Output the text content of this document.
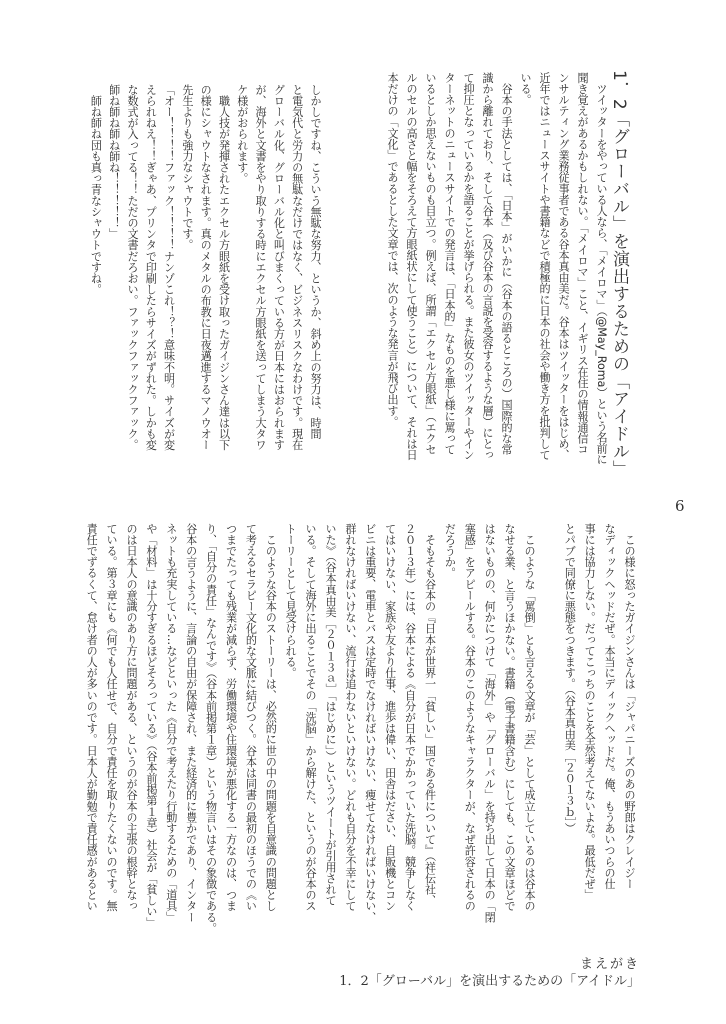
1．2「グローバル」を演出するための「アイドル」
　ツイッターをやっている人なら、「メイロマ」（@May_Roma）という名前に
聞き覚えがあるかもしれない。「メイロマ」こと、イギリス在住の情報通信コ
ンサルティング業務従事者である谷本真由美だ。谷本はツイッターをはじめ、
近年ではニュースサイトや書籍などで積極的に日本の社会や働き方を批判して
いる。
　谷本の手法としては、「日本」がいかに（谷本の語るところの）国際的な常
識から離れており、そして谷本（及び谷本の言説を受容するような層）にとっ
て抑圧となっているかを語ることが挙げられる。また彼女のツイッターやイン
ターネットのニュースサイトでの発言は、「日本的」なものを悪し様に罵って
いるとしか思えないものも目立つ。例えば、所謂「エクセル方眼紙」（エクセ
ルのセルの高さと幅をそろえて方眼紙状にして使うこと）について、それは日
本だけの「文化」であるとした文章では、次のような発言が飛び出す。
しかしですね、こういう無駄な努力、というか、斜め上の努力は、時間
と電気代と労力の無駄なだけではなく、ビジネスリスクなわけです。現在
グローバル化、グローバル化と叫びまくっている方が日本にはおられます
が、海外と文書をやり取りする時にエクセル方眼紙を送ってしまう大タワ
ケ様がおられます。
　職人技が発揮されたエクセル方眼紙を受け取ったガイジンさん達は以下
の様にシャウトなされます。真のメタルの布教に日夜邁進するマノウオー
先生よりも強力なシャウトです。
「オー！！！！ファック！！！！ナンゾこれ！？！意味不明。サイズが変
えられねえ！！ぎゃあ、プリンタで印刷したらサイズがずれた。しかも変
な数式が入ってる！！ただの文書だろおい。ファックファックファック。
師ね師ね師ね師ね！！！！！」
　師ね師ね団も真っ青なシャウトですね。
6
　この様に怒ったガイジンさんは「ジャパニーズのあの野郎はクレイジー
なディックヘッドだぜ。本当にディックヘッドだ。俺、もうあいつらの仕
事には協力しない。だってこっちのことを全然考えてないよな。最低だぜ」
とパブで同僚に悪態をつきます。（谷本真由美［２０１３ｂ］）
　このような「罵倒」とも言える文章が「芸」として成立しているのは谷本の
なせる業、と言うほかない。書籍（電子書籍含む）にしても、この文章ほどで
はないものの、何かにつけて「海外」や「グローバル」を持ち出して日本の「閉
塞感」をアピールする。谷本のこのようなキャラクターが、なぜ許容されるの
だろうか。
　そもそも谷本の『日本が世界一「貧しい」国である件について』（祥伝社、
２０１３年）には、谷本による《自分が日本でかかっていた洗脳。競争しなく
てはいけない、家族や友より仕事、進歩は偉い、田舎はださい、自販機とコン
ビニは重要、電車とバスは定時でなければいけない、痩せてなければいけない、
群れなければいけない、流行は追わないといけない。どれも自分を不幸にして
いた》（谷本真由美［２０１３ａ］「はじめに」）というツイートが引用されて
いる。そして海外に出ることでその「洗脳」から解けた、というのが谷本のス
トーリーとして見受けられる。
　このような谷本のストーリーは、必然的に世の中の問題を自意識の問題とし
て考えるセラピー文化的な文脈に結びつく。谷本は同書の最初のほうでの《い
つまでたっても残業が減らず、労働環境や住環境が悪化する一方なのは、つま
り、「自分の責任」なんです》（谷本前掲第１章）という物言いはその象徴である。
谷本の言うように、言論の自由が保障され、また経済的に豊かであり、インター
ネットも充実している…などといった《自分で考えたり行動するための「道具」
や「材料」は十分すぎるほどそろっている》（谷本前掲第１章）社会が「貧しい」
のは日本人の意識のあり方に問題がある、というのが谷本の主張の根幹となっ
ている。第３章にも《何でも人任せで、自分で責任を取りたくないのです。無
責任でずるくて、怠け者の人が多いのです。日本人が勤勉で責任感があるとい
まえがき
1．2「グローバル」を演出するための「アイドル」
